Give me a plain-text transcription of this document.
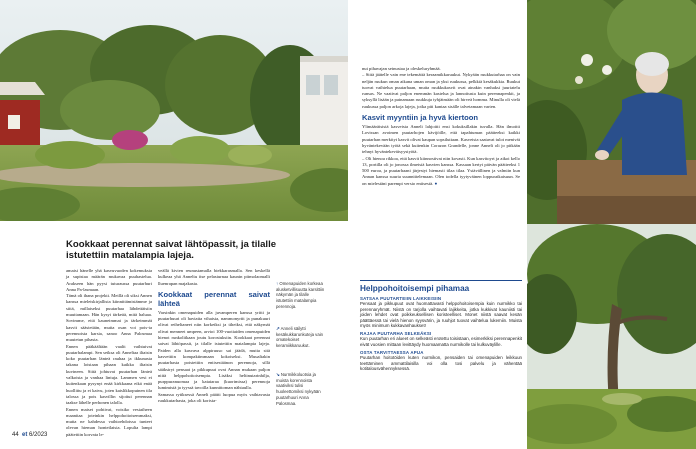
nut pihavajan seinustaa ja oleskeluryhmää.

– Siitä jäätelle vain ene tekemättä keraamikkaruukut. Nykyään ruukkutarhaa on vain neljän ruukun oman aikana uman oman ja yksi ruukussa, pelkkiä kesäkukkia. Ruukut tuovat vaihtelua puutarhaan, mutta ruukkukasvit ovat ainakin vanhaksi juuriatelu runsas. Ne vaativat paljon enemmän kastelua ja lannoitusta kuin perennapenkit, ja syksyllä lisään ja painamaan ruukkuja tyhjätmään oli hirveä homma. Minulla oli vielä ruukussa paljon arkoja lajeja, jotka piti kantaa sisälle talvetamaan varten.

Kasvit myyntiin ja hyvä kiertoon

Ylimääräisistä kasveista Anneli lahjoitti ensi kokuksillakin tuvalla. Hän ilmoitti Lovissan avoimen puutarhojen kävijöille, että tapahtuman päätteeksi kaikki puutarhan merkityt kasvit olivat kaupan sopsiluttaan. Kasveista saatavat tulot menivät hyväntekevään työtä sekä kuitenkin Corazon Grandelle, jonne Anneli oli jo pitkään tehnyt hyväntekeväisyystyötä.

– Oli hienoa rikkoa, että kasvit kiinnostivat niin kovasti. Kun kasvitoyrt ja aikoi kello 13, portilla oli jo jonossa ilmeisiä kasvien kanssa. Kassaan kertyi päivän päätteeksi 1 500 euroa, ja puutarhaani järjestyi hiemasti tilaa tilaa. Ystävällinen ja valmiin kun Annan kanssa suuria suunnittelemaan. Olen todella tyytyväinen loppuratkaisuun. Se on mielestäni parempi versio entisestä. ●

Kookkaat perennat saivat lähtöpassit, ja tilalle istutettiin matalampia lajeja.

amaisi hänelle yhä kasvuvuoden kokemuksia ja supistaa määrän mukavaa puuhasteluа. Arakseen hän pyysi tuturaussa puutarhuri Anna Pa-lasmaan.

Tämä oli ihana projekti. Meillä oli siksi Annen kanssa mieleiskirjallista kiinnittämistämme ja siitä, millaiseksi puutarhaa lähdettäisiin muuttamaan. Hän kysyi tärkeää, mitä haluaa. Sovimme, että kauneimmat ja tärkeimmät kasvit säästetään, mutta osan voi pois-ta perennoista karsia, sanoo Anna Palosmaa muutetun pihasta.

Ennen pääkäältään vaalit vaihtuivat puutarhalampi. Sen seiksa oli Anneltaa iltaisin koko puutarhan länteä rauhaa ja ikkunasta takana loistaan pihaan kaikka iltaisin kuvineen. Siitä johtuvat puutarhan länteä valkoista ja vanhaa lintuja. Lammen vesi ei kuitenkaan pysynyt enää kirkkaana eikä enää huollittu ja ei kaivu, joten kaislikkopuinen tila talossa ja pois kasvillin sijoitui perennan taakse lähelle perhonen talolla.

Ennen maiset pohtivat, voisiko vesiaiheen maanitaa joteinkin helppohoitoisemmaksi, mutta ne kahdessa vaihtoehdoissa tunteet olevan hieman honteilaisia. Lopulta lampi päätettiin korvata le-

veällä kivien reunustamalla biekkarasmalla. Sen keskellä kulkeaa yhä Anneltu itse pelasturnaa kaunin pitmolaomalli lluenrapan majakasta.

Kookkaat perennat saivat lähteä

Varsinkin omenapuiden alla juvamperen kanssa yritti ja puutarhuuri oli haviatta vihaisia, nammonyrtit ja punakuuri olivat reiheltaneet niin korkeiksi ja tiheiksi, että näkymät olivat menneet umpeen, arvioi 100-vuotiaiden omenapuiden hienot runkoliikaan joutu korostuksiin. Kookkaat perennat saivat lähtöpassit, ja tilalle istutettiin matalampia lajeja. Paiden alla kasvava alppiruuso sai jäädä, mutta sitä kasvettiin kompaktimmaan kokoiseksi. Muualtakin puutarhasta poistettiin entisestäänon perennoja, sillä sääksiryt pensaat ja pikkupuut ovat Annan mukaan paljon niitä helppohoitoisempia. Lisäksi heltinutarinhilja, purppuranuomaa ja kataiaraa (kuorimissa) perennoja lumimistä ja tyyssä tavoilla kunnittoman nähtaulla.

Samassa rytiksessä Anneli päätti luopua myös vaihtavasta ruukkutarhasta, joka oli korista-

↑ Omenapuiden korkeaa alusketvillisuutta karsittiin näkymän ja tilalle istutettiin matalampia perennoja.
↗ Anneli säilytti kesäkukkarunkuteja vain omatekoiset keramiikkaruukut.
↘ Nurmikkoluotsia ja muista korennoista vaativiksi tulisi huoleettomiksi nykyään puutarhuuri Anna Palosmaa.
Helppohoitoisempi pihamaa
SATSAA PUUTARTEIIN LAIKKEISIIN
Pensaat ja pikkupuut ovat huomattavasti helppohoitoisempia kuin nurmikko tai perennaryhmät. Niistä on tarjolla vaihtavati lajikkeita, jotka kukkivat kauniisti tai joiden lehdet ovat poikkeuksellisen koristeelliset. Monet niistä saavat kesän päättäessä tai vielä hienon syysvärin, ja ruuhjot tuovat vaihtelua lukemiin. Muista myös minimum kukkavanhaukset!
RAJAA PUUTARHA SELKEÄKSI
Kun puutarhan eri alueet on selkeästi erotettu toisistaan, esimerkiksi perennapenkit eivät vuosien mittaan levittäydy huomaamatta nurmikolle tai kulkuväylille.
OSTA TARVITTAESSA APUA
Puutarhan hoitotöiden kuten nurmikon, pensaiden tai omenapuiden leikkuun teettäminen ammattilaisilla voi olla tosi palvelu ja vähentää kotitalousvähennyksessä.
44 et 6/2023
